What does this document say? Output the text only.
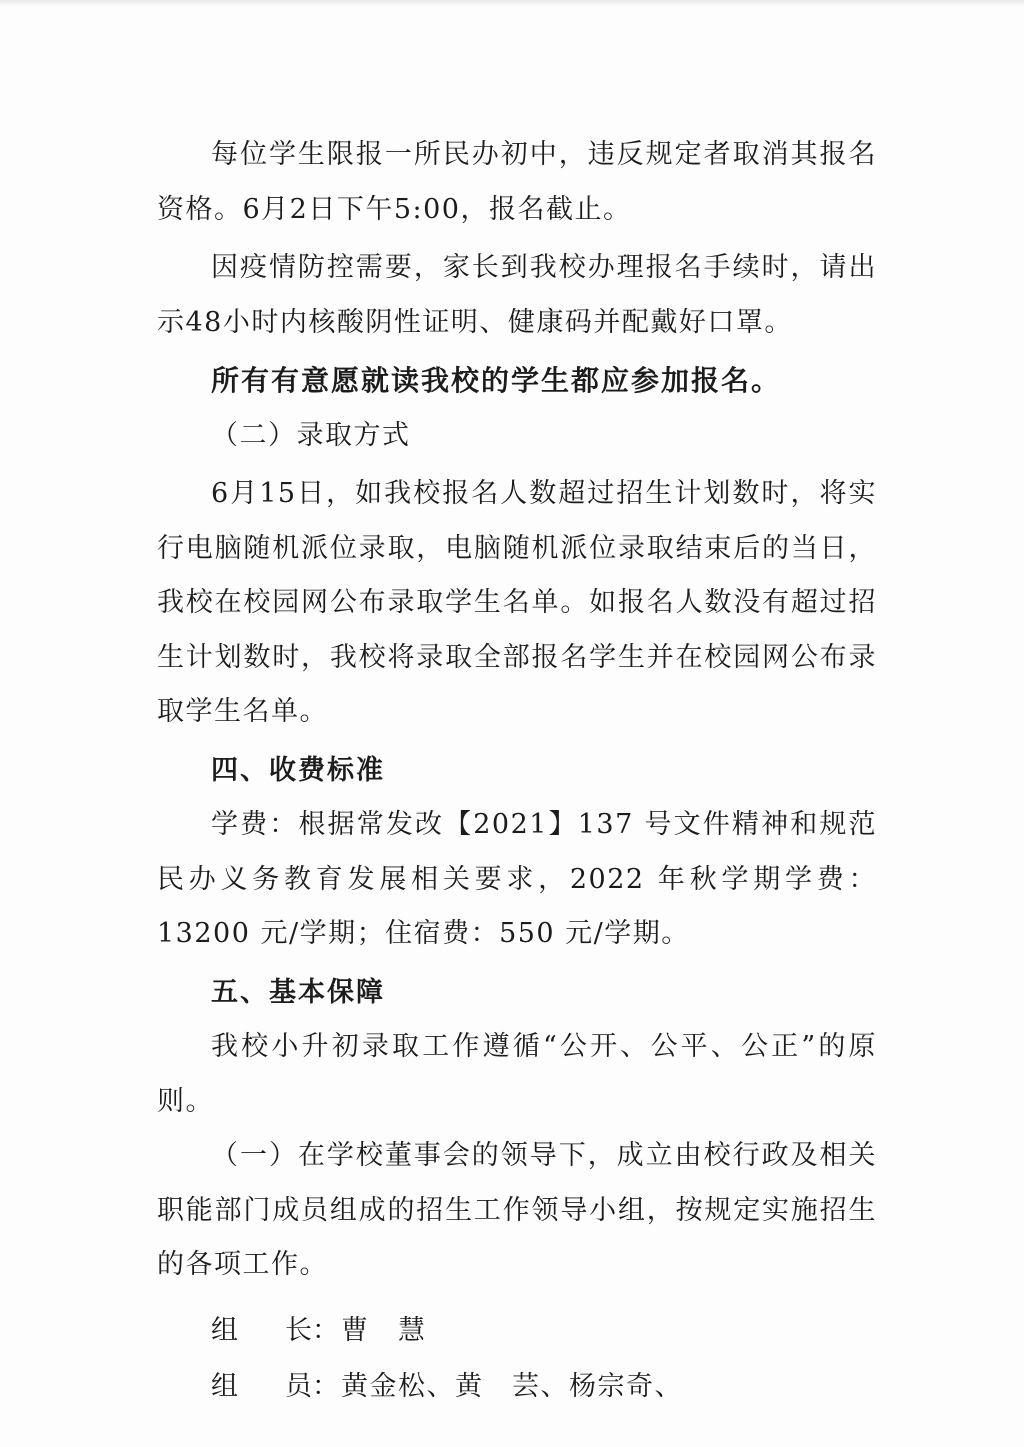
每位学生限报一所民办初中，违反规定者取消其报名资格。6月2日下午5:00，报名截止。

因疫情防控需要，家长到我校办理报名手续时，请出示48小时内核酸阴性证明、健康码并配戴好口罩。

所有有意愿就读我校的学生都应参加报名。

（二）录取方式

6月15日，如我校报名人数超过招生计划数时，将实行电脑随机派位录取，电脑随机派位录取结束后的当日，我校在校园网公布录取学生名单。如报名人数没有超过招生计划数时，我校将录取全部报名学生并在校园网公布录取学生名单。

四、收费标准

学费：根据常发改【2021】137 号文件精神和规范民办义务教育发展相关要求，2022 年秋学期学费：13200 元/学期；住宿费：550 元/学期。

五、基本保障

我校小升初录取工作遵循“公开、公平、公正”的原则。

（一）在学校董事会的领导下，成立由校行政及相关职能部门成员组成的招生工作领导小组，按规定实施招生的各项工作。

组 长：曹　慧

组 员：黄金松、黄　芸、杨宗奇、
